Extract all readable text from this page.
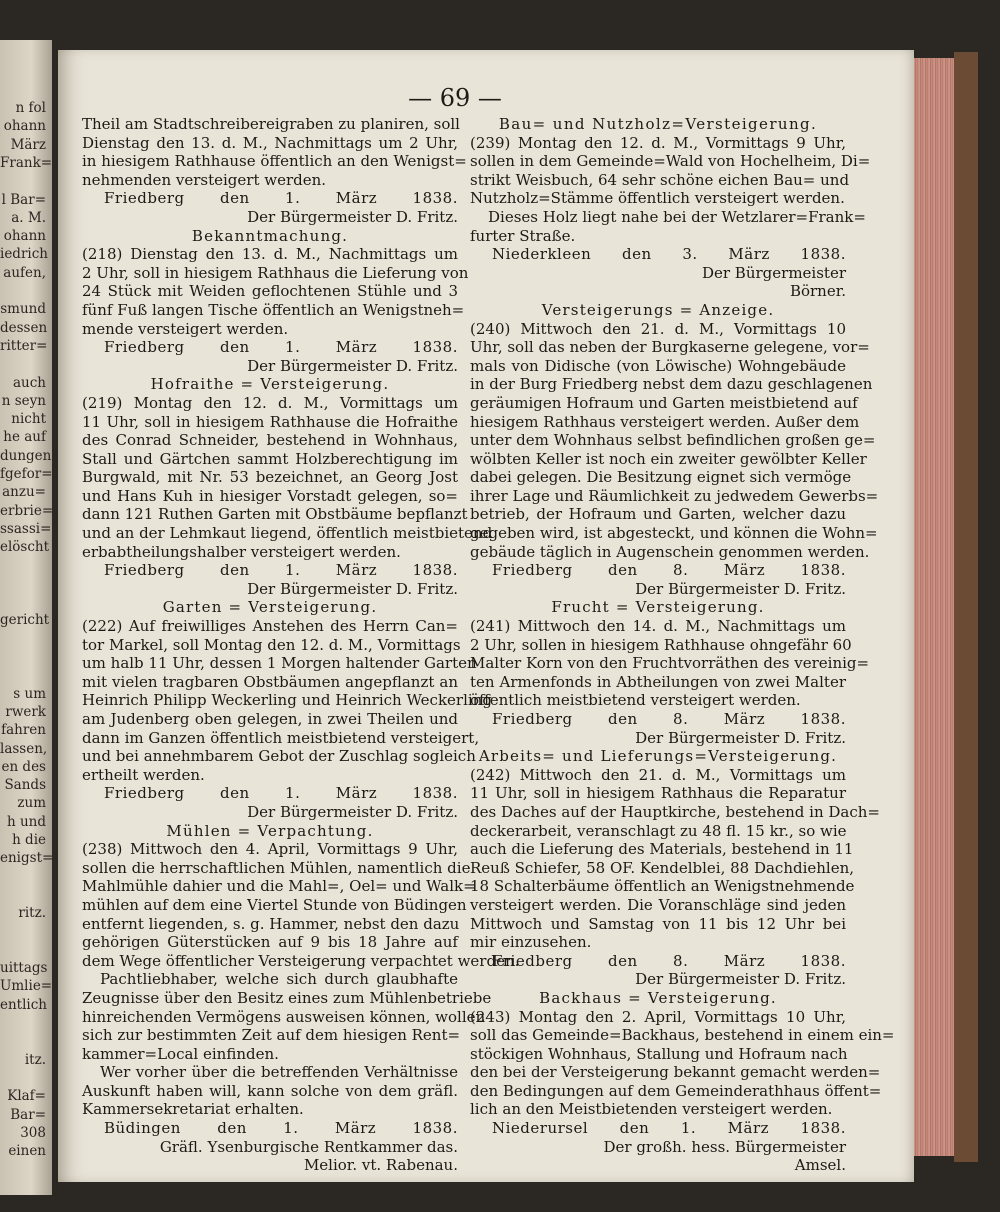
n fol
ohann
März
Frank=
l Bar=
a. M.
ohann
iedrich
aufen,
smund
dessen
ritter=
auch
n seyn
nicht
he auf
dungen
fgefor=
anzu=
erbrie=
ssassi=
elöscht
gericht
s um
rwerk
fahren
lassen,
en des
Sands
zum
h und
h die
enigst=
ritz.
uittags
Umlie=
entlich
itz.
Klaf=
Bar=
308
einen
— 69 —
Theil am Stadtschreibereigraben zu planiren, soll
Dienstag den 13. d. M., Nachmittags um 2 Uhr,
in hiesigem Rathhause öffentlich an den Wenigst=
nehmenden versteigert werden.
Friedberg den 1. März 1838.
Der Bürgermeister D. Fritz.
Bekanntmachung.
(218) Dienstag den 13. d. M., Nachmittags um
2 Uhr, soll in hiesigem Rathhaus die Lieferung von
24 Stück mit Weiden geflochtenen Stühle und 3
fünf Fuß langen Tische öffentlich an Wenigstneh=
mende versteigert werden.
Friedberg den 1. März 1838.
Der Bürgermeister D. Fritz.
Hofraithe = Versteigerung.
(219) Montag den 12. d. M., Vormittags um
11 Uhr, soll in hiesigem Rathhause die Hofraithe
des Conrad Schneider, bestehend in Wohnhaus,
Stall und Gärtchen sammt Holzberechtigung im
Burgwald, mit Nr. 53 bezeichnet, an Georg Jost
und Hans Kuh in hiesiger Vorstadt gelegen, so=
dann 121 Ruthen Garten mit Obstbäume bepflanzt
und an der Lehmkaut liegend, öffentlich meistbietend
erbabtheilungshalber versteigert werden.
Friedberg den 1. März 1838.
Der Bürgermeister D. Fritz.
Garten = Versteigerung.
(222) Auf freiwilliges Anstehen des Herrn Can=
tor Markel, soll Montag den 12. d. M., Vormittags
um halb 11 Uhr, dessen 1 Morgen haltender Garten
mit vielen tragbaren Obstbäumen angepflanzt an
Heinrich Philipp Weckerling und Heinrich Weckerling
am Judenberg oben gelegen, in zwei Theilen und
dann im Ganzen öffentlich meistbietend versteigert,
und bei annehmbarem Gebot der Zuschlag sogleich
ertheilt werden.
Friedberg den 1. März 1838.
Der Bürgermeister D. Fritz.
Mühlen = Verpachtung.
(238) Mittwoch den 4. April, Vormittags 9 Uhr,
sollen die herrschaftlichen Mühlen, namentlich die
Mahlmühle dahier und die Mahl=, Oel= und Walk=
mühlen auf dem eine Viertel Stunde von Büdingen
entfernt liegenden, s. g. Hammer, nebst den dazu
gehörigen Güterstücken auf 9 bis 18 Jahre auf
dem Wege öffentlicher Versteigerung verpachtet werden.
Pachtliebhaber, welche sich durch glaubhafte
Zeugnisse über den Besitz eines zum Mühlenbetriebe
hinreichenden Vermögens ausweisen können, wollen
sich zur bestimmten Zeit auf dem hiesigen Rent=
kammer=Local einfinden.
Wer vorher über die betreffenden Verhältnisse
Auskunft haben will, kann solche von dem gräfl.
Kammersekretariat erhalten.
Büdingen den 1. März 1838.
Gräfl. Ysenburgische Rentkammer das.
Melior. vt. Rabenau.
Bau= und Nutzholz=Versteigerung.
(239) Montag den 12. d. M., Vormittags 9 Uhr,
sollen in dem Gemeinde=Wald von Hochelheim, Di=
strikt Weisbuch, 64 sehr schöne eichen Bau= und
Nutzholz=Stämme öffentlich versteigert werden.
Dieses Holz liegt nahe bei der Wetzlarer=Frank=
furter Straße.
Niederkleen den 3. März 1838.
Der Bürgermeister
Börner.
Versteigerungs = Anzeige.
(240) Mittwoch den 21. d. M., Vormittags 10
Uhr, soll das neben der Burgkaserne gelegene, vor=
mals von Didische (von Löwische) Wohngebäude
in der Burg Friedberg nebst dem dazu geschlagenen
geräumigen Hofraum und Garten meistbietend auf
hiesigem Rathhaus versteigert werden. Außer dem
unter dem Wohnhaus selbst befindlichen großen ge=
wölbten Keller ist noch ein zweiter gewölbter Keller
dabei gelegen. Die Besitzung eignet sich vermöge
ihrer Lage und Räumlichkeit zu jedwedem Gewerbs=
betrieb, der Hofraum und Garten, welcher dazu
gegeben wird, ist abgesteckt, und können die Wohn=
gebäude täglich in Augenschein genommen werden.
Friedberg den 8. März 1838.
Der Bürgermeister D. Fritz.
Frucht = Versteigerung.
(241) Mittwoch den 14. d. M., Nachmittags um
2 Uhr, sollen in hiesigem Rathhause ohngefähr 60
Malter Korn von den Fruchtvorräthen des vereinig=
ten Armenfonds in Abtheilungen von zwei Malter
öffentlich meistbietend versteigert werden.
Friedberg den 8. März 1838.
Der Bürgermeister D. Fritz.
Arbeits= und Lieferungs=Versteigerung.
(242) Mittwoch den 21. d. M., Vormittags um
11 Uhr, soll in hiesigem Rathhaus die Reparatur
des Daches auf der Hauptkirche, bestehend in Dach=
deckerarbeit, veranschlagt zu 48 fl. 15 kr., so wie
auch die Lieferung des Materials, bestehend in 11
Reuß Schiefer, 58 OF. Kendelblei, 88 Dachdiehlen,
18 Schalterbäume öffentlich an Wenigstnehmende
versteigert werden. Die Voranschläge sind jeden
Mittwoch und Samstag von 11 bis 12 Uhr bei
mir einzusehen.
Friedberg den 8. März 1838.
Der Bürgermeister D. Fritz.
Backhaus = Versteigerung.
(243) Montag den 2. April, Vormittags 10 Uhr,
soll das Gemeinde=Backhaus, bestehend in einem ein=
stöckigen Wohnhaus, Stallung und Hofraum nach
den bei der Versteigerung bekannt gemacht werden=
den Bedingungen auf dem Gemeinderathhaus öffent=
lich an den Meistbietenden versteigert werden.
Niederursel den 1. März 1838.
Der großh. hess. Bürgermeister
Amsel.
